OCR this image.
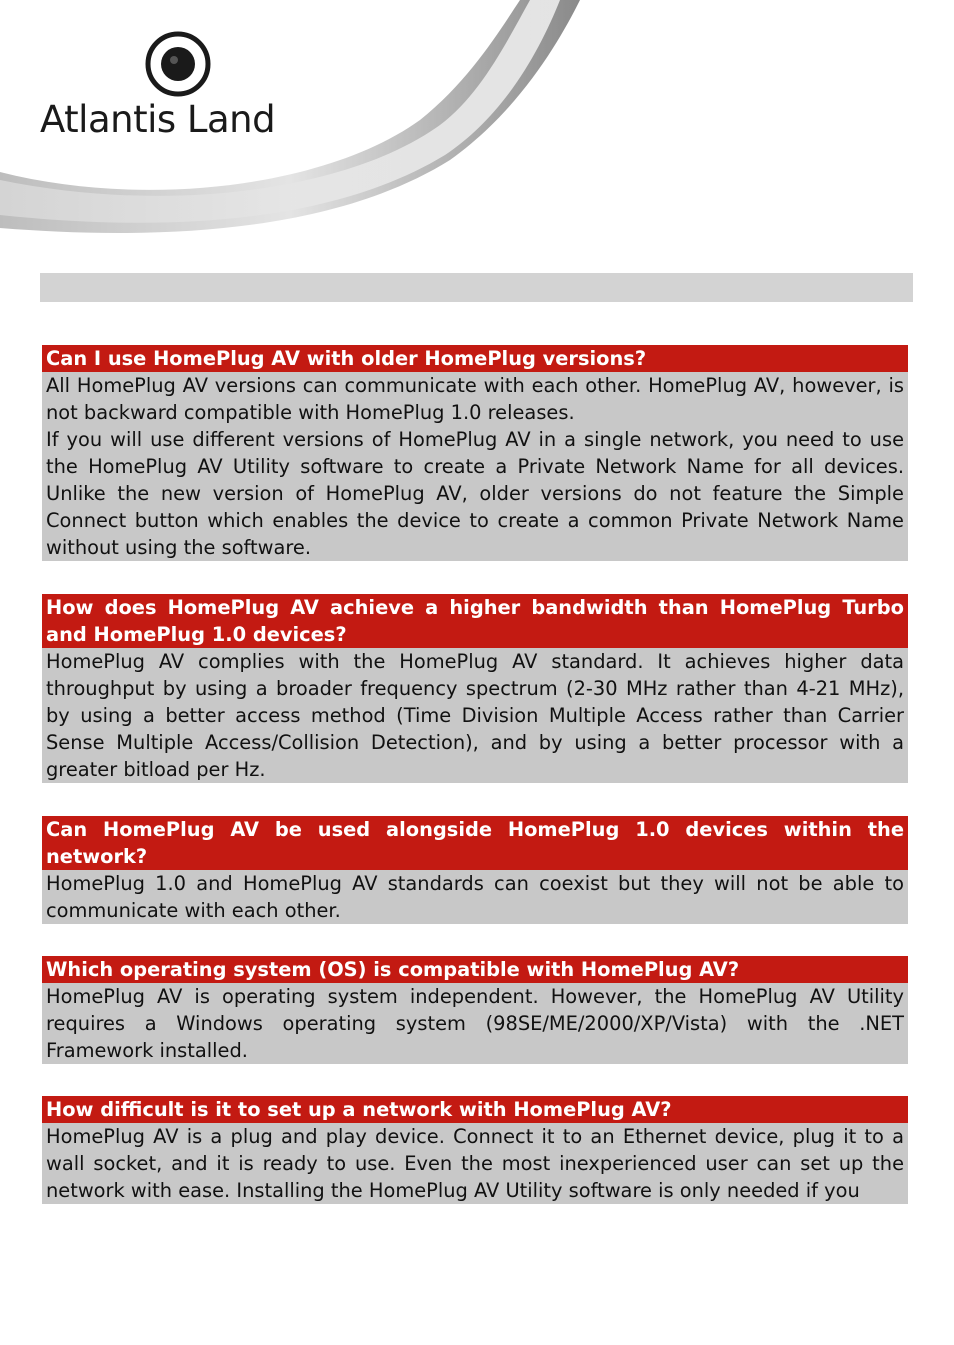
Atlantis Land
Can I use HomePlug AV with older HomePlug versions?

All HomePlug AV versions can communicate with each other. HomePlug AV, however, is not backward compatible with HomePlug 1.0 releases.

If you will use different versions of HomePlug AV in a single network, you need to use the HomePlug AV Utility software to create a Private Network Name for all devices. Unlike the new version of HomePlug AV, older versions do not feature the Simple Connect button which enables the device to create a common Private Network Name without using the software.

How does HomePlug AV achieve a higher bandwidth than HomePlug Turbo and HomePlug 1.0 devices?

HomePlug AV complies with the HomePlug AV standard. It achieves higher data throughput by using a broader frequency spectrum (2-30 MHz rather than 4-21 MHz), by using a better access method (Time Division Multiple Access rather than Carrier Sense Multiple Access/Collision Detection), and by using a better processor with a greater bitload per Hz.

Can HomePlug AV be used alongside HomePlug 1.0 devices within the network?

HomePlug 1.0 and HomePlug AV standards can coexist but they will not be able to communicate with each other.

Which operating system (OS) is compatible with HomePlug AV?

HomePlug AV is operating system independent. However, the HomePlug AV Utility requires a Windows operating system (98SE/ME/2000/XP/Vista) with the .NET Framework installed.

How difficult is it to set up a network with HomePlug AV?

HomePlug AV is a plug and play device. Connect it to an Ethernet device, plug it to a wall socket, and it is ready to use. Even the most inexperienced user can set up the network with ease. Installing the HomePlug AV Utility software is only needed if you
